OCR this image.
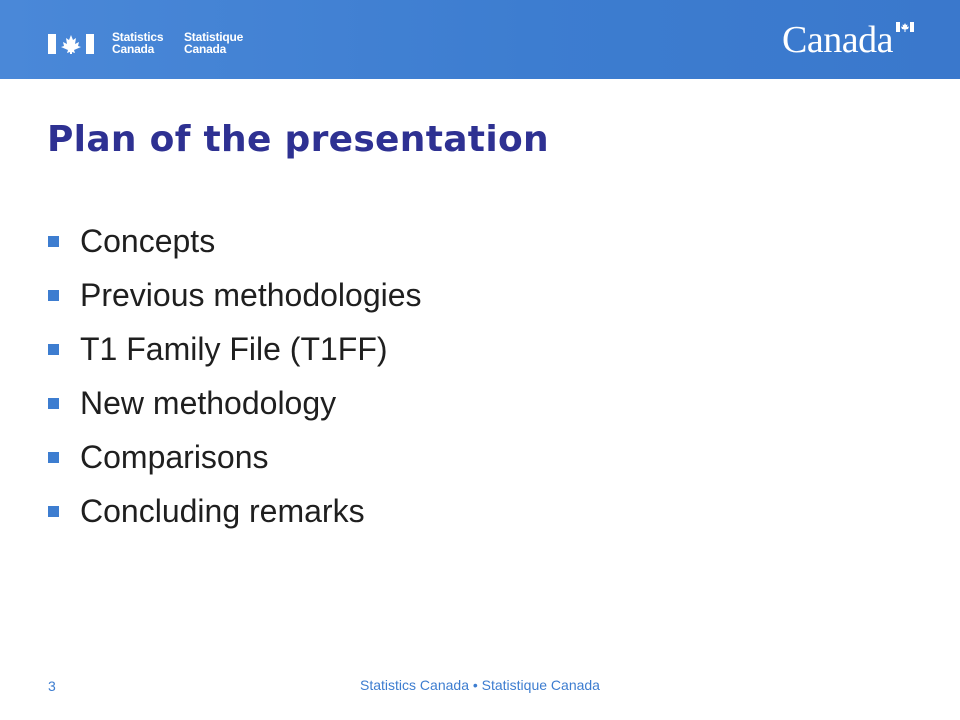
Statistics
Canada
Statistique
Canada	Canada
Plan of the presentation
Concepts
Previous methodologies
T1 Family File (T1FF)
New methodology
Comparisons
Concluding remarks
3	Statistics Canada • Statistique Canada
